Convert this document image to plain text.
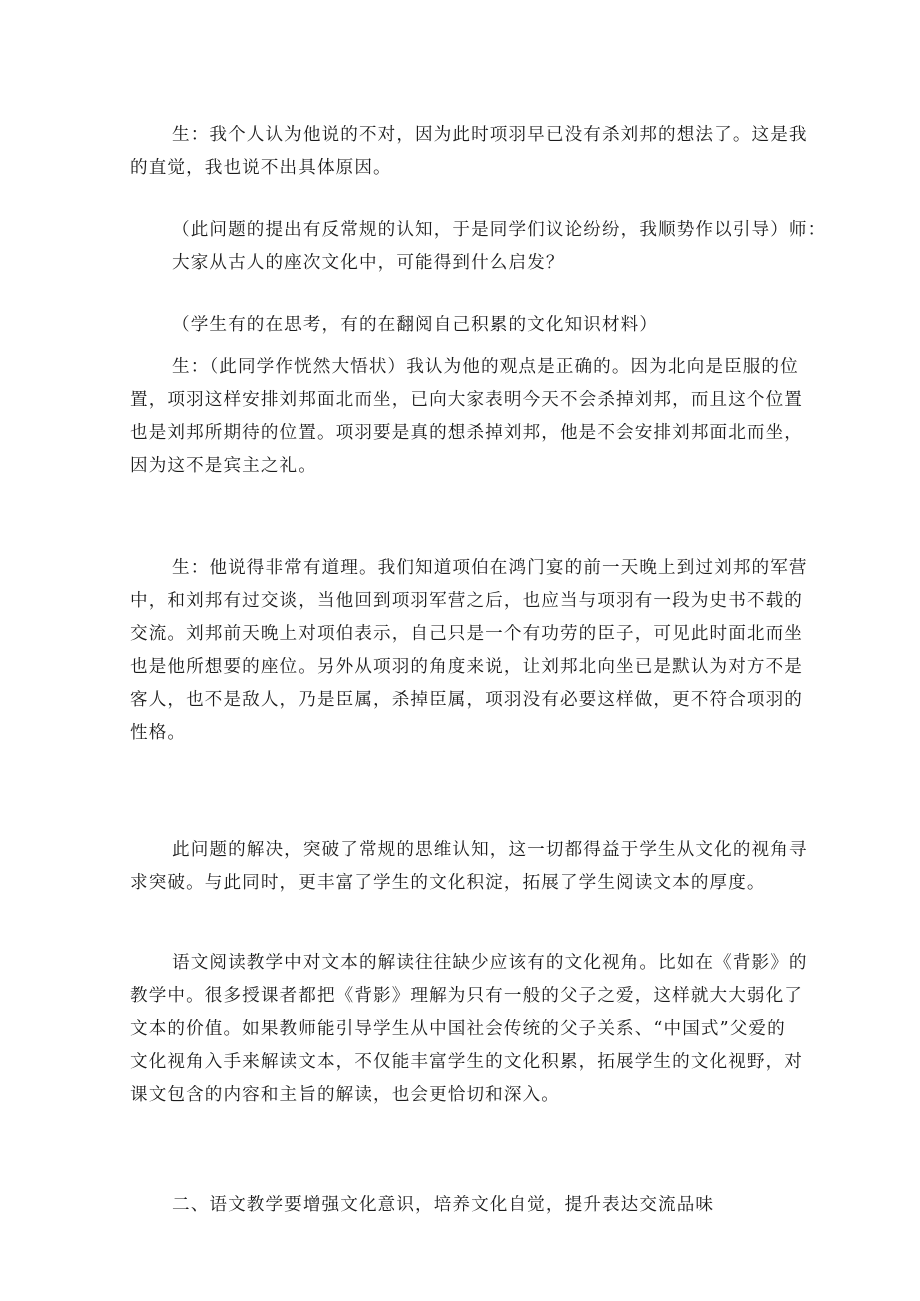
生：我个人认为他说的不对，因为此时项羽早已没有杀刘邦的想法了。这是我
的直觉，我也说不出具体原因。

（此问题的提出有反常规的认知，于是同学们议论纷纷，我顺势作以引导）师：
大家从古人的座次文化中，可能得到什么启发？

（学生有的在思考，有的在翻阅自己积累的文化知识材料）

生：（此同学作恍然大悟状）我认为他的观点是正确的。因为北向是臣服的位
置，项羽这样安排刘邦面北而坐，已向大家表明今天不会杀掉刘邦，而且这个位置
也是刘邦所期待的位置。项羽要是真的想杀掉刘邦，他是不会安排刘邦面北而坐，
因为这不是宾主之礼。

生：他说得非常有道理。我们知道项伯在鸿门宴的前一天晚上到过刘邦的军营
中，和刘邦有过交谈，当他回到项羽军营之后，也应当与项羽有一段为史书不载的
交流。刘邦前天晚上对项伯表示，自己只是一个有功劳的臣子，可见此时面北而坐
也是他所想要的座位。另外从项羽的角度来说，让刘邦北向坐已是默认为对方不是
客人，也不是敌人，乃是臣属，杀掉臣属，项羽没有必要这样做，更不符合项羽的
性格。

此问题的解决，突破了常规的思维认知，这一切都得益于学生从文化的视角寻
求突破。与此同时，更丰富了学生的文化积淀，拓展了学生阅读文本的厚度。

语文阅读教学中对文本的解读往往缺少应该有的文化视角。比如在《背影》的
教学中。很多授课者都把《背影》理解为只有一般的父子之爱，这样就大大弱化了
文本的价值。如果教师能引导学生从中国社会传统的父子关系、“中国式”父爱的
文化视角入手来解读文本，不仅能丰富学生的文化积累，拓展学生的文化视野，对
课文包含的内容和主旨的解读，也会更恰切和深入。

二、语文教学要增强文化意识，培养文化自觉，提升表达交流品味
